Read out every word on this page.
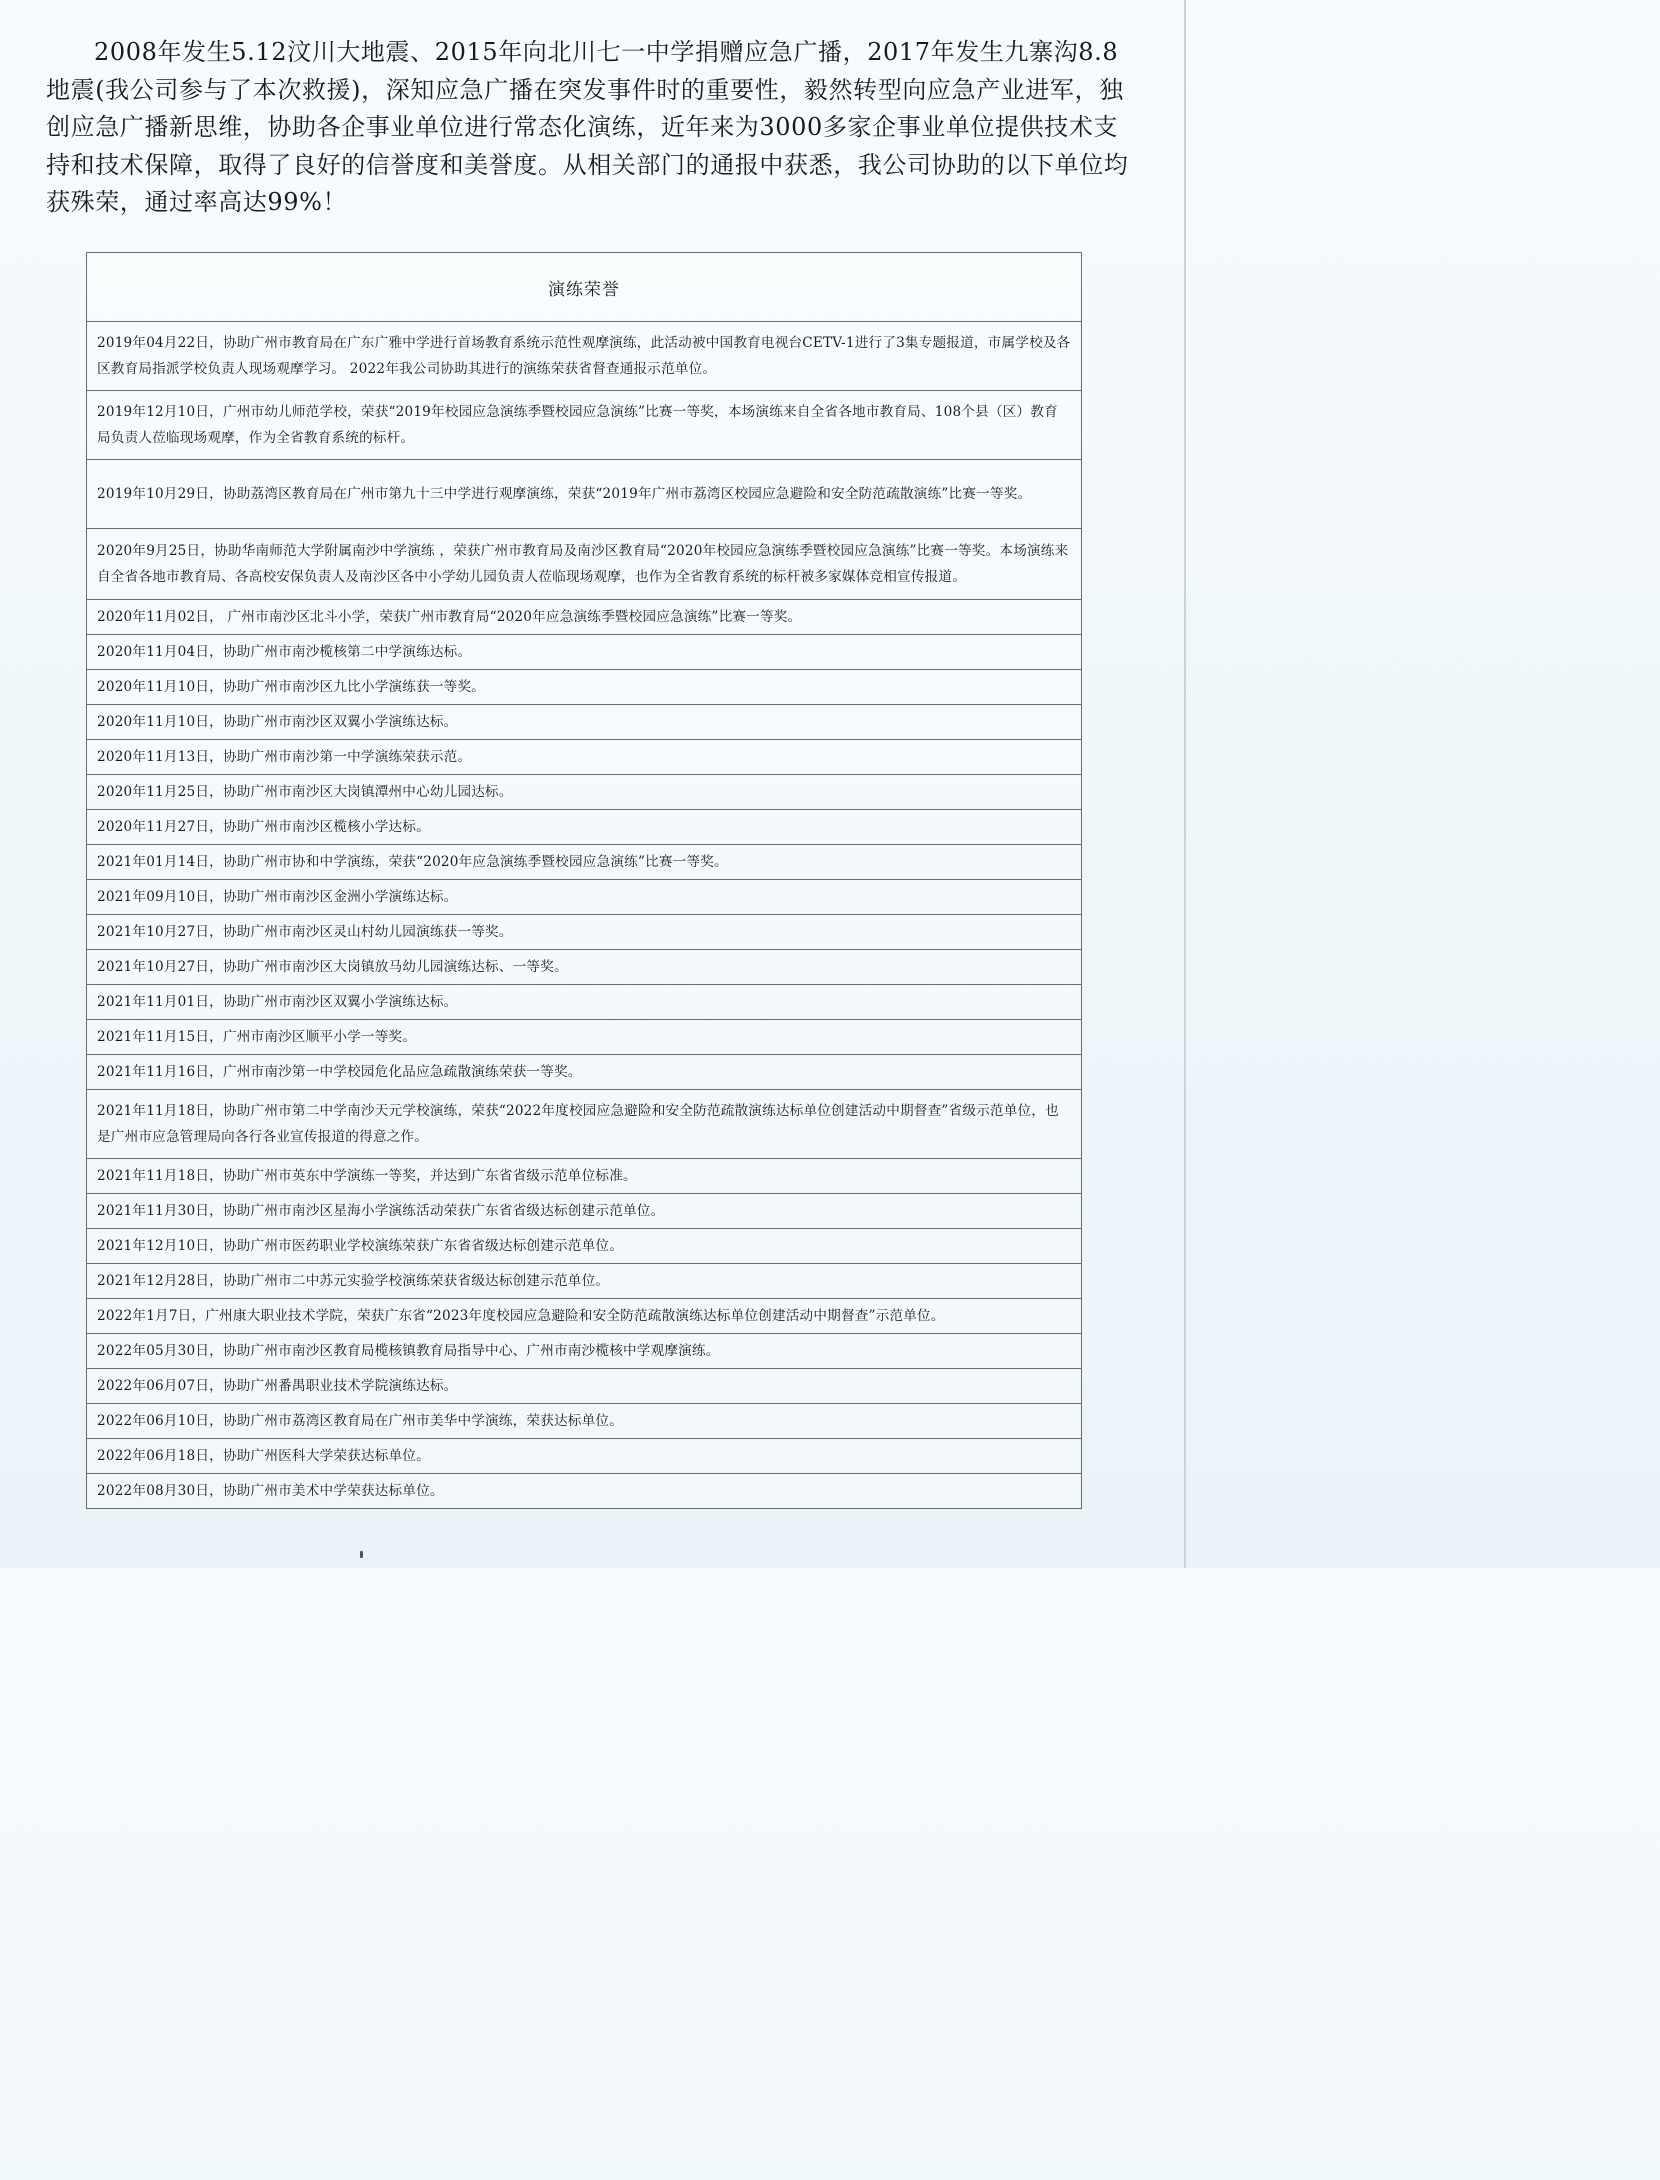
2008年发生5.12汶川大地震、2015年向北川七一中学捐赠应急广播，2017年发生九寨沟8.8地震(我公司参与了本次救援)，深知应急广播在突发事件时的重要性，毅然转型向应急产业进军，独创应急广播新思维，协助各企事业单位进行常态化演练，近年来为3000多家企事业单位提供技术支持和技术保障，取得了良好的信誉度和美誉度。从相关部门的通报中获悉，我公司协助的以下单位均获殊荣，通过率高达99%！

演练荣誉
2019年04月22日，协助广州市教育局在广东广雅中学进行首场教育系统示范性观摩演练，此活动被中国教育电视台CETV-1进行了3集专题报道，市属学校及各区教育局指派学校负责人现场观摩学习。 2022年我公司协助其进行的演练荣获省督查通报示范单位。
2019年12月10日，广州市幼儿师范学校，荣获“2019年校园应急演练季暨校园应急演练”比赛一等奖，本场演练来自全省各地市教育局、108个县（区）教育局负责人莅临现场观摩，作为全省教育系统的标杆。
2019年10月29日，协助荔湾区教育局在广州市第九十三中学进行观摩演练，荣获“2019年广州市荔湾区校园应急避险和安全防范疏散演练”比赛一等奖。
2020年9月25日，协助华南师范大学附属南沙中学演练 ，荣获广州市教育局及南沙区教育局“2020年校园应急演练季暨校园应急演练”比赛一等奖。本场演练来自全省各地市教育局、各高校安保负责人及南沙区各中小学幼儿园负责人莅临现场观摩，也作为全省教育系统的标杆被多家媒体竞相宣传报道。
2020年11月02日， 广州市南沙区北斗小学，荣获广州市教育局“2020年应急演练季暨校园应急演练”比赛一等奖。
2020年11月04日，协助广州市南沙榄核第二中学演练达标。
2020年11月10日，协助广州市南沙区九比小学演练获一等奖。
2020年11月10日，协助广州市南沙区双翼小学演练达标。
2020年11月13日，协助广州市南沙第一中学演练荣获示范。
2020年11月25日，协助广州市南沙区大岗镇潭州中心幼儿园达标。
2020年11月27日，协助广州市南沙区榄核小学达标。
2021年01月14日，协助广州市协和中学演练，荣获“2020年应急演练季暨校园应急演练”比赛一等奖。
2021年09月10日，协助广州市南沙区金洲小学演练达标。
2021年10月27日，协助广州市南沙区灵山村幼儿园演练获一等奖。
2021年10月27日，协助广州市南沙区大岗镇放马幼儿园演练达标、一等奖。
2021年11月01日，协助广州市南沙区双翼小学演练达标。
2021年11月15日，广州市南沙区顺平小学一等奖。
2021年11月16日，广州市南沙第一中学校园危化品应急疏散演练荣获一等奖。
2021年11月18日，协助广州市第二中学南沙天元学校演练，荣获“2022年度校园应急避险和安全防范疏散演练达标单位创建活动中期督查”省级示范单位，也是广州市应急管理局向各行各业宣传报道的得意之作。
2021年11月18日，协助广州市英东中学演练一等奖，并达到广东省省级示范单位标准。
2021年11月30日，协助广州市南沙区星海小学演练活动荣获广东省省级达标创建示范单位。
2021年12月10日，协助广州市医药职业学校演练荣获广东省省级达标创建示范单位。
2021年12月28日，协助广州市二中苏元实验学校演练荣获省级达标创建示范单位。
2022年1月7日，广州康大职业技术学院，荣获广东省“2023年度校园应急避险和安全防范疏散演练达标单位创建活动中期督查”示范单位。
2022年05月30日，协助广州市南沙区教育局榄核镇教育局指导中心、广州市南沙榄核中学观摩演练。
2022年06月07日，协助广州番禺职业技术学院演练达标。
2022年06月10日，协助广州市荔湾区教育局在广州市美华中学演练，荣获达标单位。
2022年06月18日，协助广州医科大学荣获达标单位。
2022年08月30日，协助广州市美术中学荣获达标单位。
